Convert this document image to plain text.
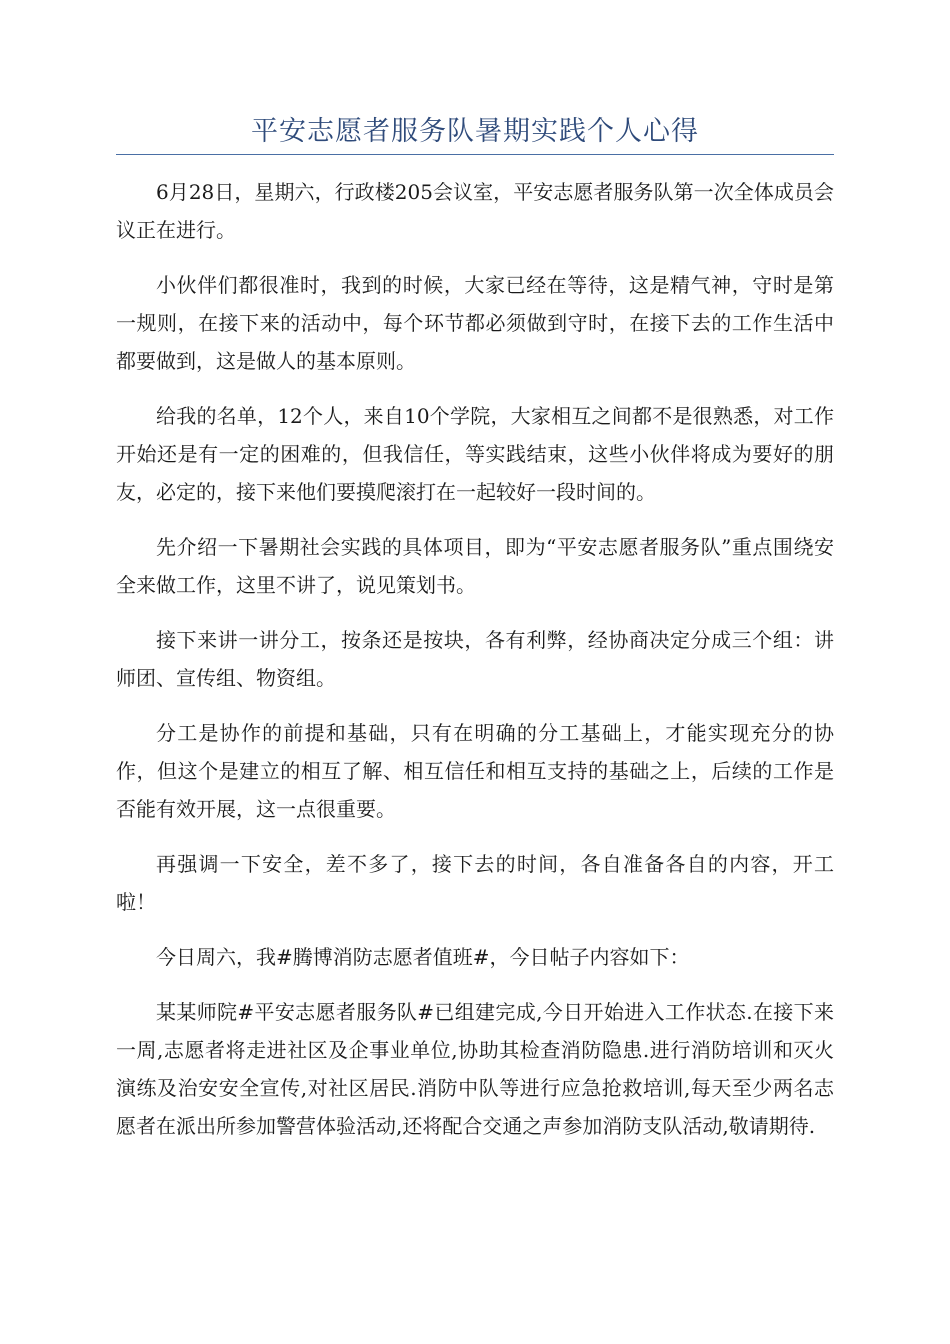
平安志愿者服务队暑期实践个人心得

6月28日，星期六，行政楼205会议室，平安志愿者服务队第一次全体成员会议正在进行。

小伙伴们都很准时，我到的时候，大家已经在等待，这是精气神，守时是第一规则，在接下来的活动中，每个环节都必须做到守时，在接下去的工作生活中都要做到，这是做人的基本原则。

给我的名单，12个人，来自10个学院，大家相互之间都不是很熟悉，对工作开始还是有一定的困难的，但我信任，等实践结束，这些小伙伴将成为要好的朋友，必定的，接下来他们要摸爬滚打在一起较好一段时间的。

先介绍一下暑期社会实践的具体项目，即为“平安志愿者服务队”重点围绕安全来做工作，这里不讲了，说见策划书。

接下来讲一讲分工，按条还是按块，各有利弊，经协商决定分成三个组：讲师团、宣传组、物资组。

分工是协作的前提和基础，只有在明确的分工基础上，才能实现充分的协作，但这个是建立的相互了解、相互信任和相互支持的基础之上，后续的工作是否能有效开展，这一点很重要。

再强调一下安全，差不多了，接下去的时间，各自准备各自的内容，开工啦！

今日周六，我#腾博消防志愿者值班#，今日帖子内容如下：

某某师院#平安志愿者服务队#已组建完成,今日开始进入工作状态.在接下来一周,志愿者将走进社区及企事业单位,协助其检查消防隐患.进行消防培训和灭火演练及治安安全宣传,对社区居民.消防中队等进行应急抢救培训,每天至少两名志愿者在派出所参加警营体验活动,还将配合交通之声参加消防支队活动,敬请期待.
